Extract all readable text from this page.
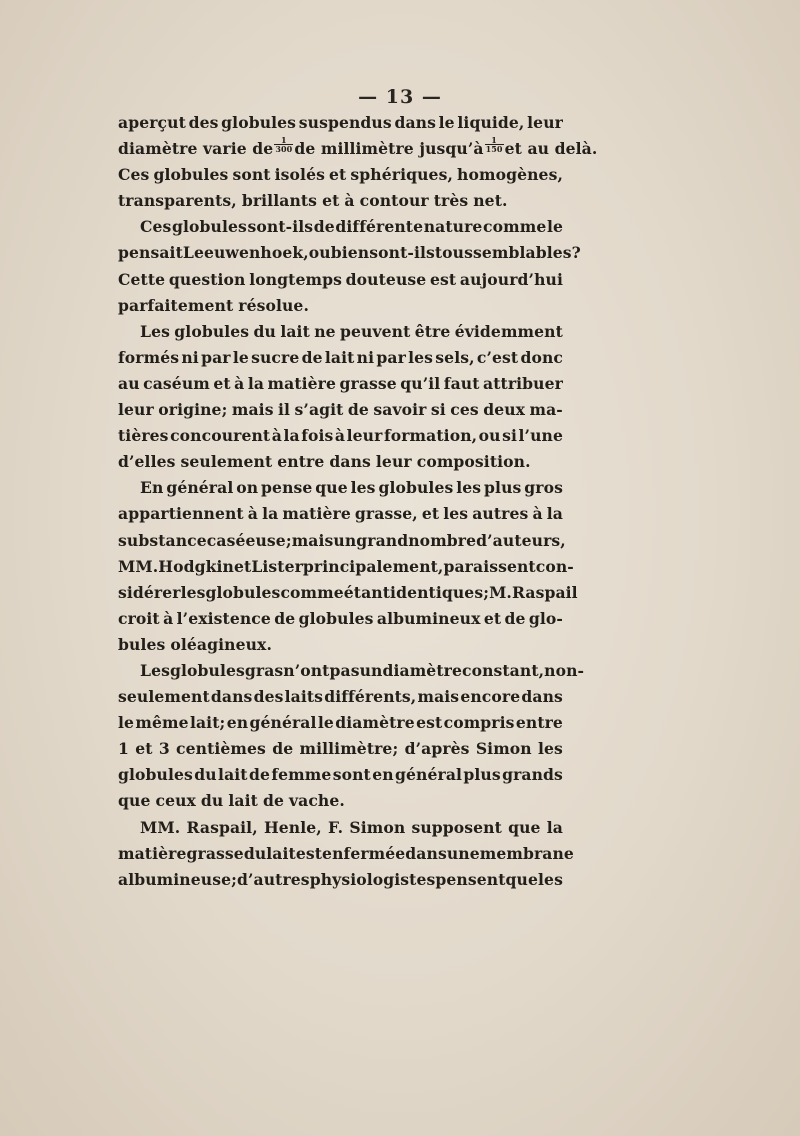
— 13 —
aperçut des globules suspendus dans le liquide, leur
diamètre varie de $\frac{1}{300}$ de millimètre jusqu’à $\frac{1}{150}$ et au delà.
Ces globules sont isolés et sphériques, homogènes,
transparents, brillants et à contour très net.
Ces globules sont-ils de différente nature comme le
pensait Leeuwenhoek, ou bien sont-ils tous semblables ?
Cette question longtemps douteuse est aujourd’hui
parfaitement résolue.
Les globules du lait ne peuvent être évidemment
formés ni par le sucre de lait ni par les sels, c’est donc
au caséum et à la matière grasse qu’il faut attribuer
leur origine; mais il s’agit de savoir si ces deux ma-
tières concourent à la fois à leur formation, ou si l’une
d’elles seulement entre dans leur composition.
En général on pense que les globules les plus gros
appartiennent à la matière grasse, et les autres à la
substance caséeuse; mais un grand nombre d’auteurs,
MM. Hodgkin et Lister principalement, paraissent con-
sidérer les globules comme étant identiques; M. Raspail
croit à l’existence de globules albumineux et de glo-
bules oléagineux.
Les globules gras n’ont pas un diamètre constant, non-
seulement dans des laits différents, mais encore dans
le même lait; en général le diamètre est compris entre
1 et 3 centièmes de millimètre; d’après Simon les
globules du lait de femme sont en général plus grands
que ceux du lait de vache.
MM. Raspail, Henle, F. Simon supposent que la
matière grasse du lait est enfermée dans une membrane
albumineuse; d’autres physiologistes pensent que les
